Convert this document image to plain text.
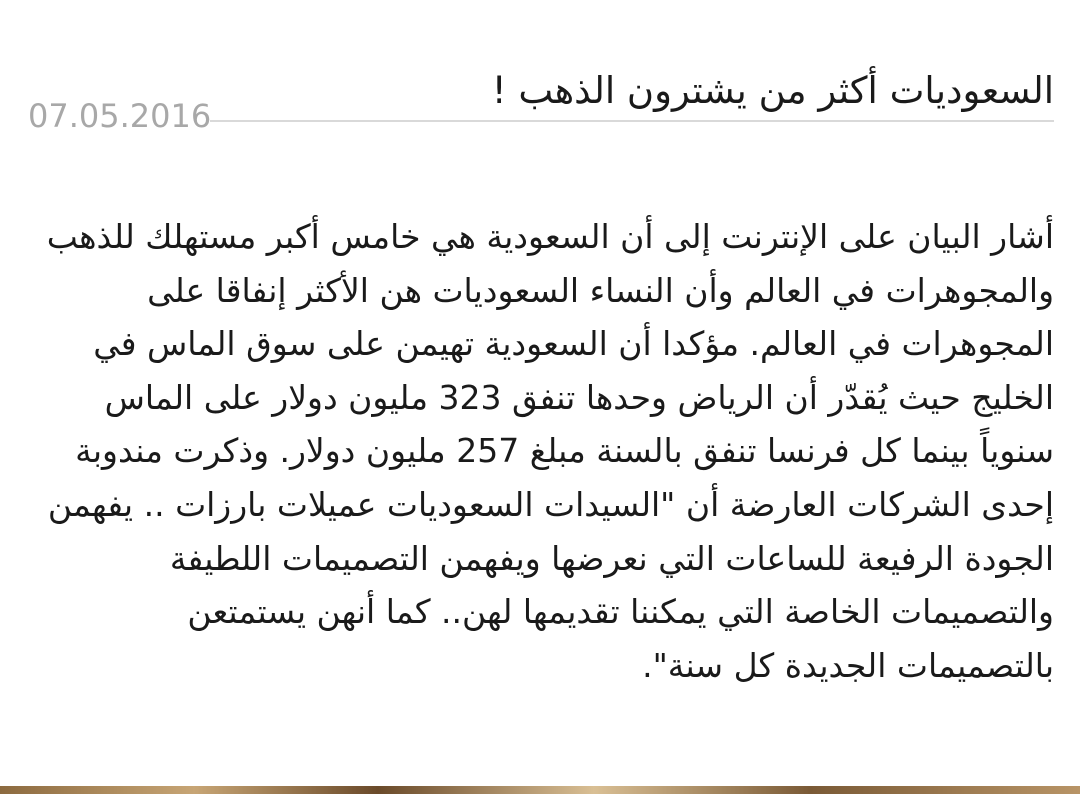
السعوديات أكثر من يشترون الذهب !
07.05.2016

أشار البيان على الإنترنت إلى أن السعودية هي خامس أكبر مستهلك للذهب والمجوهرات في العالم وأن النساء السعوديات هن الأكثر إنفاقا على المجوهرات في العالم. مؤكدا أن السعودية تهيمن على سوق الماس في الخليج حيث يُقدّر أن الرياض وحدها تنفق 323 مليون دولار على الماس سنوياً بينما كل فرنسا تنفق بالسنة مبلغ 257 مليون دولار. وذكرت مندوبة إحدى الشركات العارضة أن "السيدات السعوديات عميلات بارزات .. يفهمن الجودة الرفيعة للساعات التي نعرضها ويفهمن التصميمات اللطيفة والتصميمات الخاصة التي يمكننا تقديمها لهن.. كما أنهن يستمتعن بالتصميمات الجديدة كل سنة".
